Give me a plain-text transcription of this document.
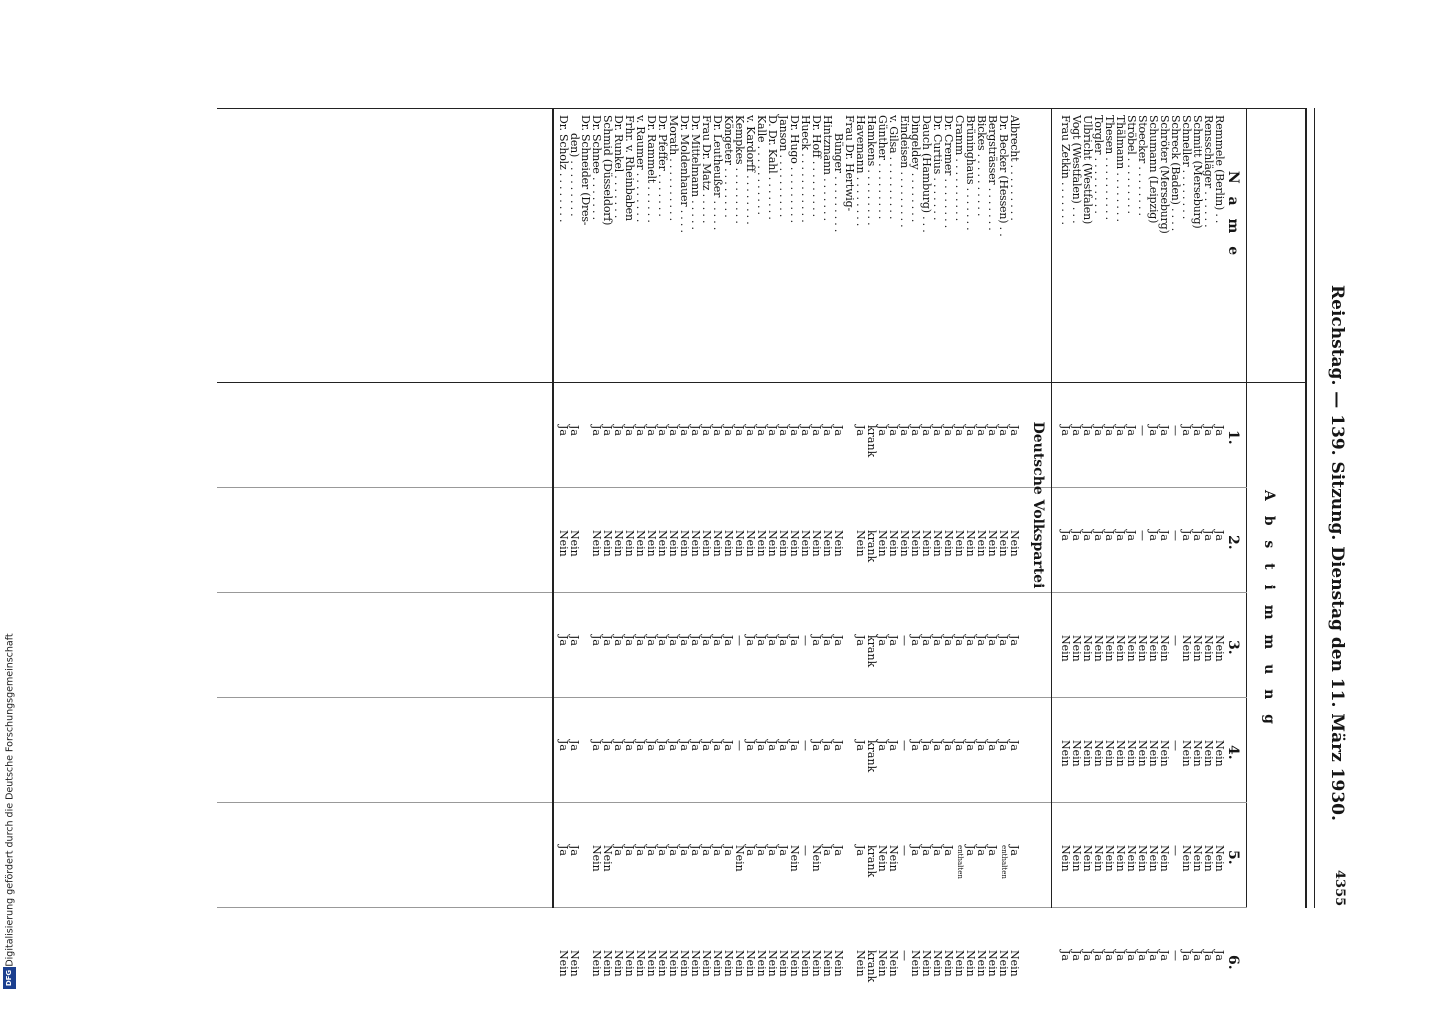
Digitalisierung gefördert durch die Deutsche Forschungsgemeinschaft
DFG
Reichstag. — 139. Sitzung. Dienstag den 11. März 1930.
4355
N a m e
A b s t i m m u n g
1.
2.
3.
4.
5.
6.
Remmele (Berlin) . .
Ja
Ja
Nein
Nein
Nein
Ja
Rensschläger . . . . . .
Ja
Ja
Nein
Nein
Nein
Ja
Schmitt (Merseburg)
Ja
Ja
Nein
Nein
Nein
Ja
Schneller . . . . . . . .
Ja
Ja
Nein
Nein
Nein
Ja
Schreck (Baden) . . . .
—
—
—
—
—
—
Schröter (Merseburg)
Ja
Ja
Nein
Nein
Nein
Ja
Schumann (Leipzig)
Ja
Ja
Nein
Nein
Nein
Ja
Stoecker . . . . . . . .
—
—
Nein
Nein
Nein
Ja
Ströbel . . . . . . . . .
Ja
Ja
Nein
Nein
Nein
Ja
Thälmann . . . . . . . .
Ja
Ja
Nein
Nein
Nein
Ja
Thesen . . . . . . . . . .
Ja
Ja
Nein
Nein
Nein
Ja
Torgler . . . . . . . . .
Ja
Ja
Nein
Nein
Nein
Ja
Ulbricht (Westfalen)
Ja
Ja
Nein
Nein
Nein
Ja
Vogt (Westfalen) . . .
Ja
Ja
Nein
Nein
Nein
Ja
Frau Zetkin . . . . . . .
Ja
Ja
Nein
Nein
Nein
Ja
Deutsche Volkspartei
Albrecht . . . . . . . . .
Ja
Nein
Ja
Ja
Ja
Nein
Dr. Becker (Hessen) . .
Ja
Nein
Ja
Ja
enthalten
Nein
Bergsträsser . . . . . . .
Ja
Nein
Ja
Ja
Ja
Nein
Bickes . . . . . . . . . .
Ja
Nein
Ja
Ja
Ja
Nein
Brüninghaus . . . . . . .
Ja
Nein
Ja
Ja
Ja
Nein
Cramm . . . . . . . . . .
Ja
Nein
Ja
Ja
enthalten
Nein
Dr. Cremer . . . . . . . .
Ja
Nein
Ja
Ja
Ja
Nein
Dr. Curtius . . . . . . .
Ja
Nein
Ja
Ja
Ja
Nein
Dauch (Hamburg) . . .
Ja
Nein
Ja
Ja
Ja
Nein
Dingeldey . . . . . . . .
Ja
Nein
Ja
Ja
Ja
Nein
Eindeisen . . . . . . . . .
Ja
Nein
—
—
—
—
v. Gilsa . . . . . . . . . .
Ja
Nein
Ja
Ja
Nein
Nein
Günther . . . . . . . . .
Ja
Nein
Ja
Ja
Nein
Nein
Hamkens . . . . . . . . .
krank
krank
krank
krank
krank
krank
Havemann . . . . . . . .
Ja
Nein
Ja
Ja
Ja
Nein
Frau Dr. Hertwig-
Bünger . . . . . . . . .
Ja
Nein
Ja
Ja
Ja
Nein
Hintzmann . . . . . . .
Ja
Nein
Ja
Ja
Ja
Nein
Dr. Hoff . . . . . . . . .
Ja
Nein
Ja
Ja
Nein
Nein
Hueck . . . . . . . . . . .
Ja
Nein
—
—
—
Nein
Dr. Hugo . . . . . . . . .
Ja
Nein
Ja
Ja
Nein
Nein
Janson . . . . . . . . . .
Ja
Nein
Ja
Ja
Ja
Nein
D. Dr. Kahl . . . . . . .
Ja
Nein
Ja
Ja
Ja
Nein
Kalle . . . . . . . . . . .
Ja
Nein
Ja
Ja
Ja
Nein
v. Kardorff . . . . . . . .
Ja
Nein
Ja
Ja
Ja
Nein
Kempkes . . . . . . . . .
Ja
Nein
—
—
Nein
Nein
Köngeter . . . . . . . .
Ja
Nein
Ja
Ja
Ja
Nein
Dr. Leutheußer . . . . .
Ja
Nein
Ja
Ja
Ja
Nein
Frau Dr. Matz . . . . .
Ja
Nein
Ja
Ja
Ja
Nein
Dr. Mittelmann . . . . .
Ja
Nein
Ja
Ja
Ja
Nein
Dr. Moldenhauer . . . .
Ja
Nein
Ja
Ja
Ja
Nein
Morath . . . . . . . . . .
Ja
Nein
Ja
Ja
Ja
Nein
Dr. Pfeffer . . . . . . .
Ja
Nein
Ja
Ja
Ja
Nein
Dr. Rammelt . . . . . .
Ja
Nein
Ja
Ja
Ja
Nein
v. Raumer . . . . . . . .
Ja
Nein
Ja
Ja
Ja
Nein
Frhr. v. Rheinbaben
Ja
Nein
Ja
Ja
Ja
Nein
Dr. Runkel . . . . . . .
Ja
Nein
Ja
Ja
Ja
Nein
Schmid (Düsseldorf)
Ja
Nein
Ja
Ja
Nein
Nein
Dr. Schnee . . . . . . .
Ja
Nein
Ja
Ja
Nein
Nein
Dr. Schneider (Dres-
den) . . . . . . . . .
Ja
Nein
Ja
Ja
Ja
Nein
Dr. Scholz . . . . . . . .
Ja
Nein
Ja
Ja
Ja
Nein
